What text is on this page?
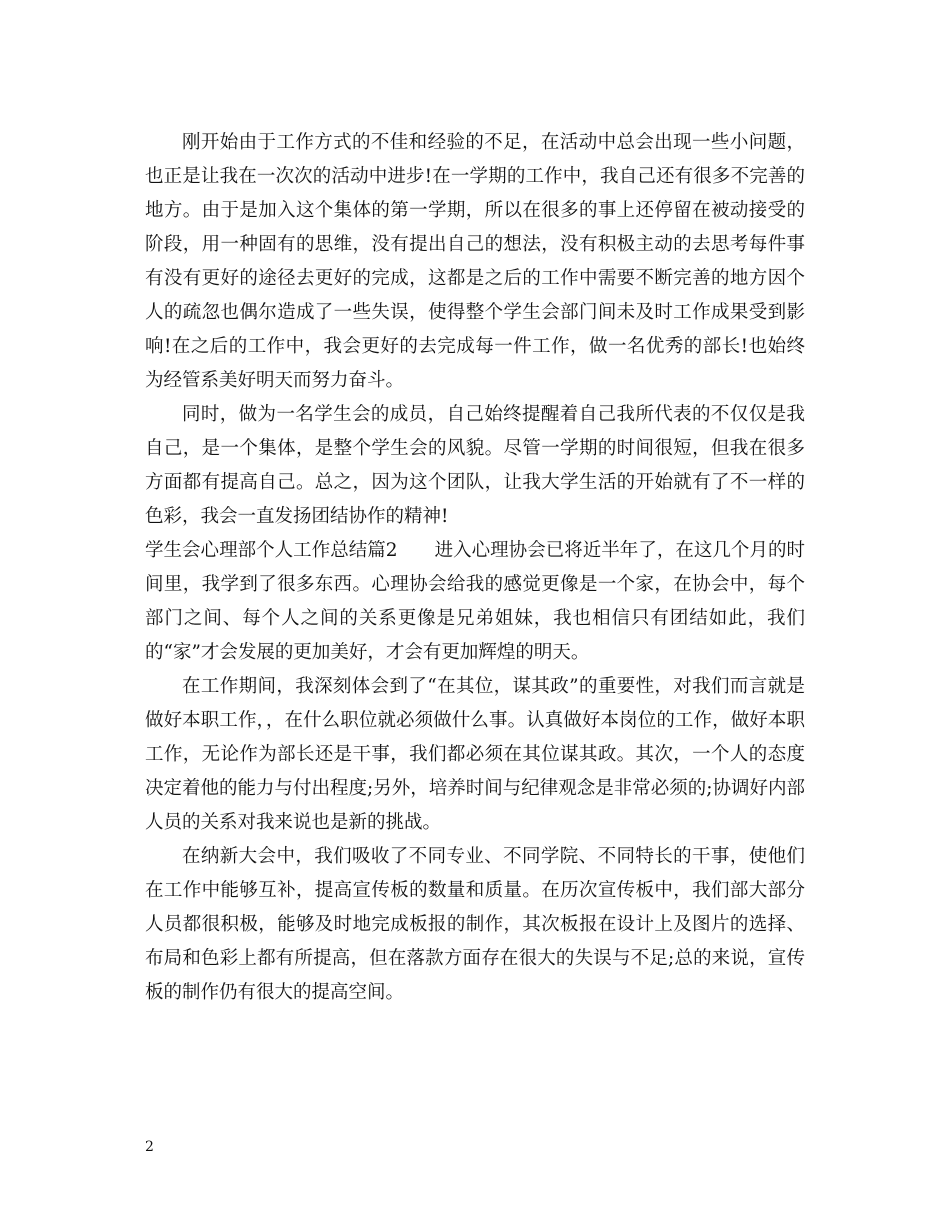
刚开始由于工作方式的不佳和经验的不足，在活动中总会出现一些小问题，也正是让我在一次次的活动中进步!在一学期的工作中，我自己还有很多不完善的地方。由于是加入这个集体的第一学期，所以在很多的事上还停留在被动接受的阶段，用一种固有的思维，没有提出自己的想法，没有积极主动的去思考每件事有没有更好的途径去更好的完成，这都是之后的工作中需要不断完善的地方因个人的疏忽也偶尔造成了一些失误，使得整个学生会部门间未及时工作成果受到影响!在之后的工作中，我会更好的去完成每一件工作，做一名优秀的部长!也始终为经管系美好明天而努力奋斗。

同时，做为一名学生会的成员，自己始终提醒着自己我所代表的不仅仅是我自己，是一个集体，是整个学生会的风貌。尽管一学期的时间很短，但我在很多方面都有提高自己。总之，因为这个团队，让我大学生活的开始就有了不一样的色彩，我会一直发扬团结协作的精神!

学生会心理部个人工作总结篇2　　进入心理协会已将近半年了，在这几个月的时间里，我学到了很多东西。心理协会给我的感觉更像是一个家，在协会中，每个部门之间、每个人之间的关系更像是兄弟姐妹，我也相信只有团结如此，我们的“家”才会发展的更加美好，才会有更加辉煌的明天。

在工作期间，我深刻体会到了“在其位，谋其政”的重要性，对我们而言就是做好本职工作，，在什么职位就必须做什么事。认真做好本岗位的工作，做好本职工作，无论作为部长还是干事，我们都必须在其位谋其政。其次，一个人的态度决定着他的能力与付出程度;另外，培养时间与纪律观念是非常必须的;协调好内部人员的关系对我来说也是新的挑战。

在纳新大会中，我们吸收了不同专业、不同学院、不同特长的干事，使他们在工作中能够互补，提高宣传板的数量和质量。在历次宣传板中，我们部大部分人员都很积极，能够及时地完成板报的制作，其次板报在设计上及图片的选择、布局和色彩上都有所提高，但在落款方面存在很大的失误与不足;总的来说，宣传板的制作仍有很大的提高空间。

2
